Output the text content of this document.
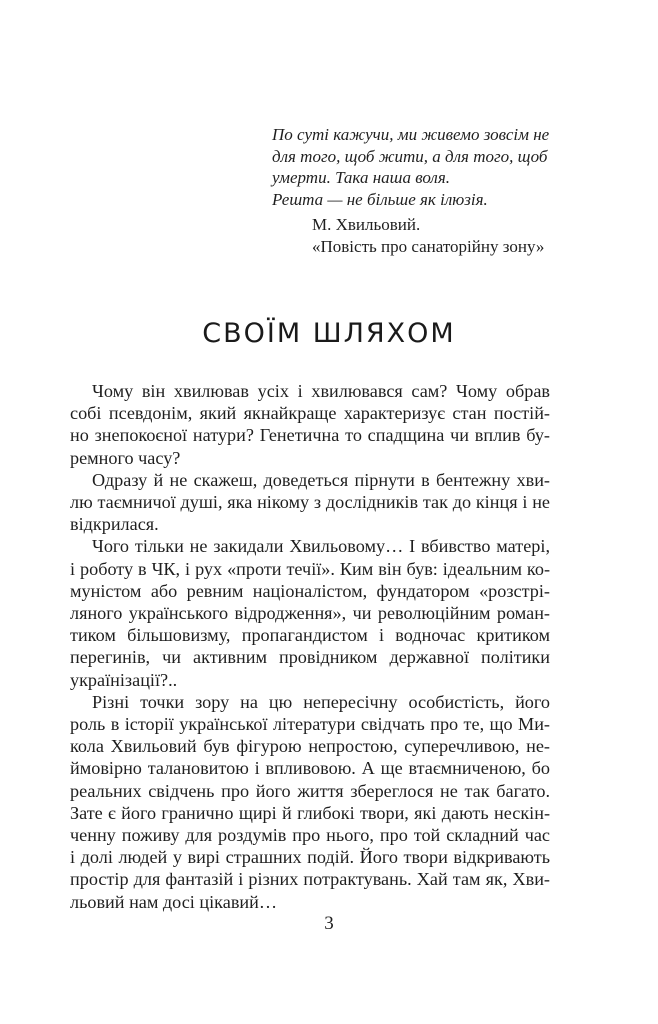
По суті кажучи, ми живемо зовсім не
для того, щоб жити, а для того, щоб
умерти. Така наша воля.
Решта — не більше як ілюзія.

М. Хвильовий.
«Повість про санаторійну зону»

СВОЇМ ШЛЯХОМ

Чому він хвилював усіх і хвилювався сам? Чому обрав
собі псевдонім, який якнайкраще характеризує стан постій-
но знепокоєної натури? Генетична то спадщина чи вплив бу-
ремного часу?

Одразу й не скажеш, доведеться пірнути в бентежну хви-
лю таємничої душі, яка нікому з дослідників так до кінця і не
відкрилася.

Чого тільки не закидали Хвильовому… І вбивство матері,
і роботу в ЧК, і рух «проти течії». Ким він був: ідеальним ко-
муністом або ревним націоналістом, фундатором «розстрі-
ляного українського відродження», чи революційним роман-
тиком більшовизму, пропагандистом і водночас критиком
перегинів, чи активним провідником державної політики
українізації?..

Різні точки зору на цю непересічну особистість, його
роль в історії української літератури свідчать про те, що Ми-
кола Хвильовий був фігурою непростою, суперечливою, не-
ймовірно талановитою і впливовою. А ще втаємниченою, бо
реальних свідчень про його життя збереглося не так багато.
Зате є його гранично щирі й глибокі твори, які дають нескін-
ченну поживу для роздумів про нього, про той складний час
і долі людей у вирі страшних подій. Його твори відкривають
простір для фантазій і різних потрактувань. Хай там як, Хви-
льовий нам досі цікавий…

3
